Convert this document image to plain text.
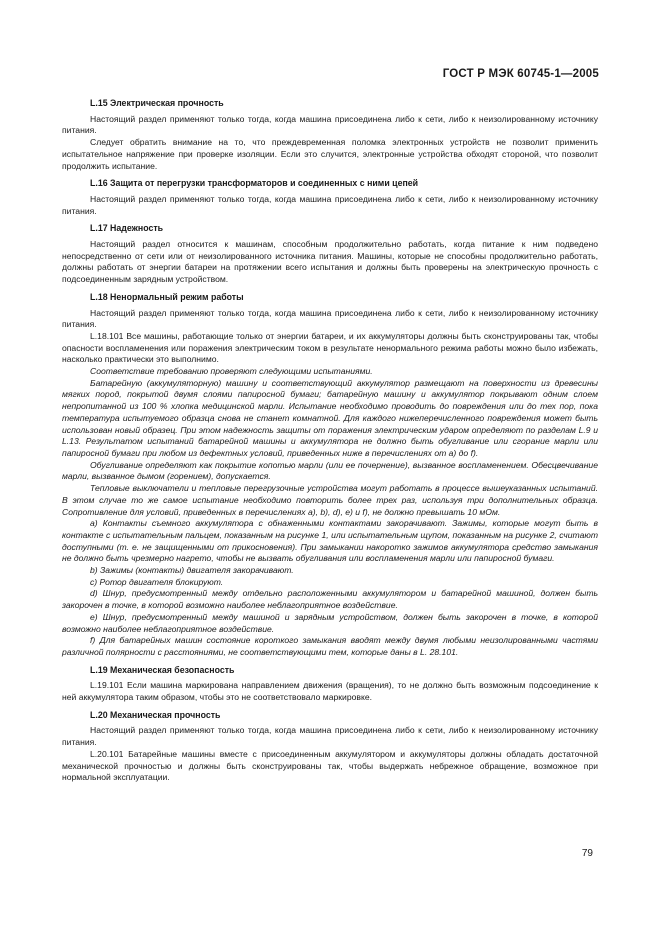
ГОСТ Р МЭК 60745-1—2005
L.15 Электрическая прочность

Настоящий раздел применяют только тогда, когда машина присоединена либо к сети, либо к неизолированному источнику питания.

Следует обратить внимание на то, что преждевременная поломка электронных устройств не позволит применить испытательное напряжение при проверке изоляции. Если это случится, электронные устройства обходят стороной, что позволит продолжить испытание.

L.16 Защита от перегрузки трансформаторов и соединенных с ними цепей

Настоящий раздел применяют только тогда, когда машина присоединена либо к сети, либо к неизолированному источнику питания.

L.17 Надежность

Настоящий раздел относится к машинам, способным продолжительно работать, когда питание к ним подведено непосредственно от сети или от неизолированного источника питания. Машины, которые не способны продолжительно работать, должны работать от энергии батареи на протяжении всего испытания и должны быть проверены на электрическую прочность с подсоединенным зарядным устройством.

L.18 Ненормальный режим работы

Настоящий раздел применяют только тогда, когда машина присоединена либо к сети, либо к неизолированному источнику питания.

L.18.101 Все машины, работающие только от энергии батареи, и их аккумуляторы должны быть сконструированы так, чтобы опасности воспламенения или поражения электрическим током в результате ненормального режима работы можно было избежать, насколько практически это выполнимо.

Соответствие требованию проверяют следующими испытаниями.

Батарейную (аккумуляторную) машину и соответствующий аккумулятор размещают на поверхности из древесины мягких пород, покрытой двумя слоями папиросной бумаги; батарейную машину и аккумулятор покрывают одним слоем непропитанной из 100 % хлопка медицинской марли. Испытание необходимо проводить до повреждения или до тех пор, пока температура испытуемого образца снова не станет комнатной. Для каждого нижеперечисленного повреждения может быть использован новый образец. При этом надежность защиты от поражения электрическим ударом определяют по разделам L.9 и L.13. Результатом испытаний батарейной машины и аккумулятора не должно быть обугливание или сгорание марли или папиросной бумаги при любом из дефектных условий, приведенных ниже в перечислениях от а) до f).

Обугливание определяют как покрытие копотью марли (или ее почернение), вызванное воспламенением. Обесцвечивание марли, вызванное дымом (горением), допускается.

Тепловые выключатели и тепловые перегрузочные устройства могут работать в процессе вышеуказанных испытаний. В этом случае то же самое испытание необходимо повторить более трех раз, используя три дополнительных образца. Сопротивление для условий, приведенных в перечислениях а), b), d), е) и f), не должно превышать 10 мОм.

а) Контакты съемного аккумулятора с обнаженными контактами закорачивают. Зажимы, которые могут быть в контакте с испытательным пальцем, показанным на рисунке 1, или испытательным щупом, показанным на рисунке 2, считают доступными (т. е. не защищенными от прикосновения). При замыкании накоротко зажимов аккумулятора средство замыкания не должно быть чрезмерно нагрето, чтобы не вызвать обугливания или воспламенения марли или папиросной бумаги.

b) Зажимы (контакты) двигателя закорачивают.

с) Ротор двигателя блокируют.

d) Шнур, предусмотренный между отдельно расположенными аккумулятором и батарейной машиной, должен быть закорочен в точке, в которой возможно наиболее неблагоприятное воздействие.

е) Шнур, предусмотренный между машиной и зарядным устройством, должен быть закорочен в точке, в которой возможно наиболее неблагоприятное воздействие.

f) Для батарейных машин состояние короткого замыкания вводят между двумя любыми неизолированными частями различной полярности с расстояниями, не соответствующими тем, которые даны в L. 28.101.

L.19 Механическая безопасность

L.19.101 Если машина маркирована направлением движения (вращения), то не должно быть возможным подсоединение к ней аккумулятора таким образом, чтобы это не соответствовало маркировке.

L.20 Механическая прочность

Настоящий раздел применяют только тогда, когда машина присоединена либо к сети, либо к неизолированному источнику питания.

L.20.101 Батарейные машины вместе с присоединенным аккумулятором и аккумуляторы должны обладать достаточной механической прочностью и должны быть сконструированы так, чтобы выдержать небрежное обращение, возможное при нормальной эксплуатации.

79
